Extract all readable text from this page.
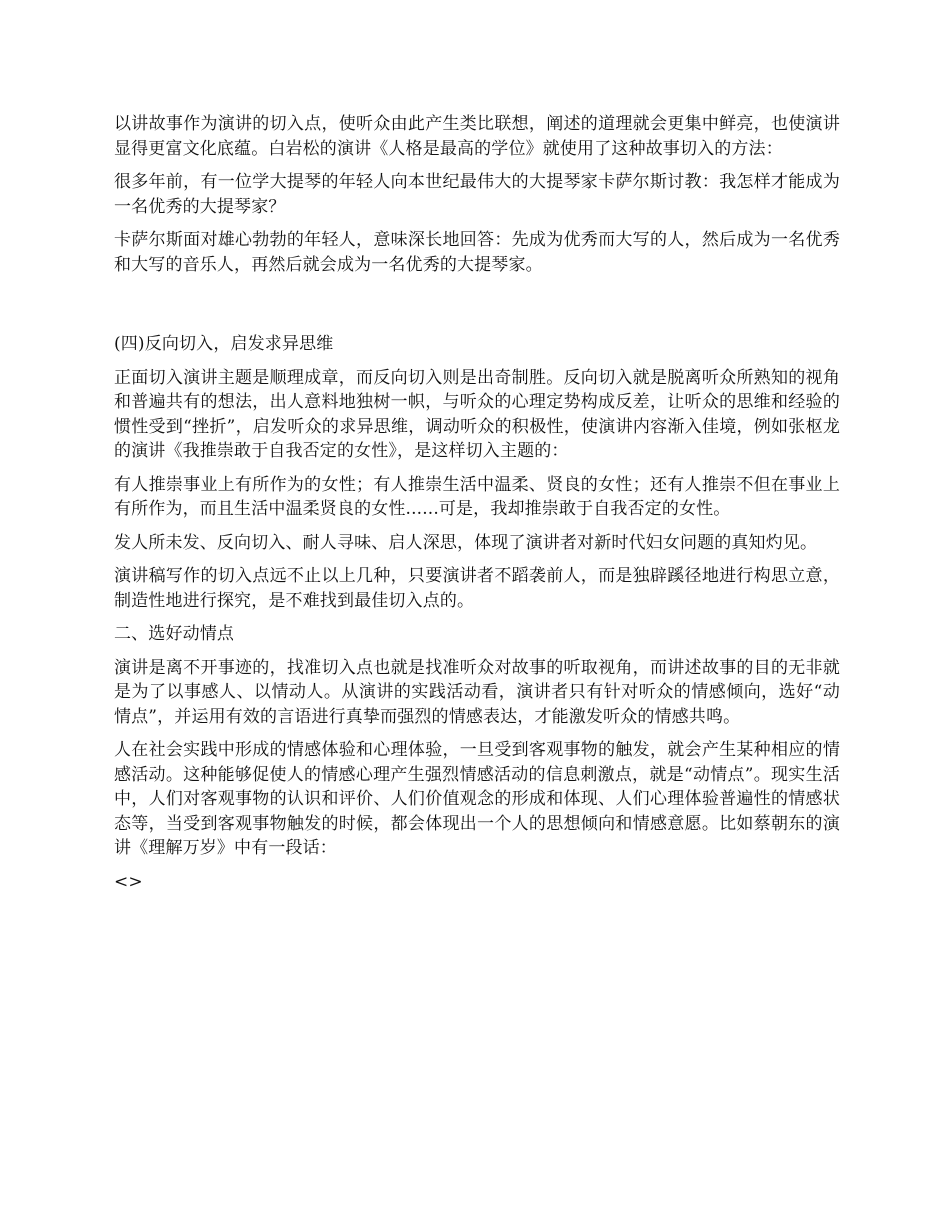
以讲故事作为演讲的切入点，使听众由此产生类比联想，阐述的道理就会更集中鲜亮，也使演讲显得更富文化底蕴。白岩松的演讲《人格是最高的学位》就使用了这种故事切入的方法：

很多年前，有一位学大提琴的年轻人向本世纪最伟大的大提琴家卡萨尔斯讨教：我怎样才能成为一名优秀的大提琴家？

卡萨尔斯面对雄心勃勃的年轻人，意味深长地回答：先成为优秀而大写的人，然后成为一名优秀和大写的音乐人，再然后就会成为一名优秀的大提琴家。

(四)反向切入，启发求异思维

正面切入演讲主题是顺理成章，而反向切入则是出奇制胜。反向切入就是脱离听众所熟知的视角和普遍共有的想法，出人意料地独树一帜，与听众的心理定势构成反差，让听众的思维和经验的惯性受到“挫折”，启发听众的求异思维，调动听众的积极性，使演讲内容渐入佳境，例如张枢龙的演讲《我推崇敢于自我否定的女性》，是这样切入主题的：

有人推崇事业上有所作为的女性；有人推崇生活中温柔、贤良的女性；还有人推崇不但在事业上有所作为，而且生活中温柔贤良的女性......可是，我却推崇敢于自我否定的女性。

发人所未发、反向切入、耐人寻味、启人深思，体现了演讲者对新时代妇女问题的真知灼见。

演讲稿写作的切入点远不止以上几种，只要演讲者不蹈袭前人，而是独辟蹊径地进行构思立意，制造性地进行探究，是不难找到最佳切入点的。

二、选好动情点

演讲是离不开事迹的，找准切入点也就是找准听众对故事的听取视角，而讲述故事的目的无非就是为了以事感人、以情动人。从演讲的实践活动看，演讲者只有针对听众的情感倾向，选好“动情点”，并运用有效的言语进行真挚而强烈的情感表达，才能激发听众的情感共鸣。

人在社会实践中形成的情感体验和心理体验，一旦受到客观事物的触发，就会产生某种相应的情感活动。这种能够促使人的情感心理产生强烈情感活动的信息刺激点，就是“动情点”。现实生活中，人们对客观事物的认识和评价、人们价值观念的形成和体现、人们心理体验普遍性的情感状态等，当受到客观事物触发的时候，都会体现出一个人的思想倾向和情感意愿。比如蔡朝东的演讲《理解万岁》中有一段话：

<>
